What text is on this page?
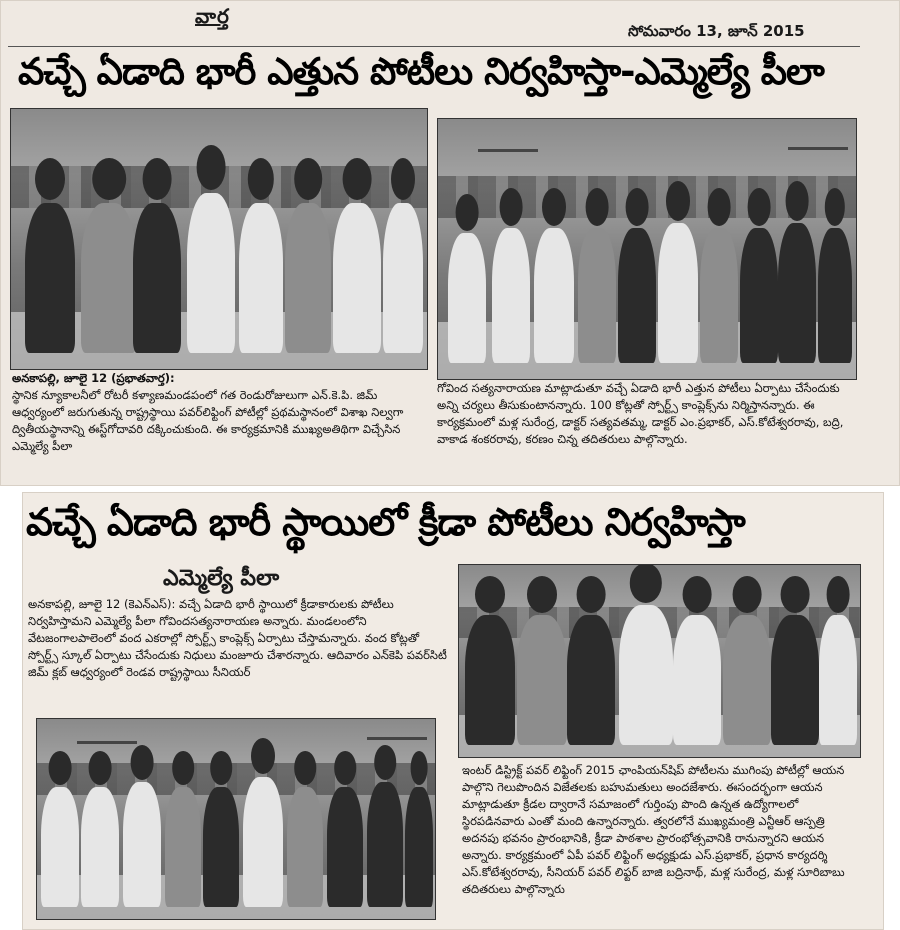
వార్త
సోమవారం 13, జూన్ 2015
వచ్చే ఏడాది భారీ ఎత్తున పోటీలు నిర్వహిస్తా-ఎమ్మెల్యే పీలా

అనకాపల్లి, జూలై 12 (ప్రభాతవార్త):

స్థానిక న్యూకాలనీలో రోటరీ కళ్యాణమండపంలో గత రెండురోజులుగా ఎన్.కె.పి. జిమ్ ఆధ్వర్యంలో జరుగుతున్న రాష్ట్రస్థాయి పవర్‌లిఫ్టింగ్ పోటీల్లో ప్రథమస్థానంలో విశాఖ నిల్వగా ద్వితీయస్థానాన్ని ఈస్ట్‌గోదావరి దక్కించుకుంది. ఈ కార్యక్రమానికి ముఖ్యఅతిథిగా విచ్చేసిన ఎమ్మెల్యే పీలా

గోవింద సత్యనారాయణ మాట్లాడుతూ వచ్చే ఏడాది భారీ ఎత్తున పోటీలు ఏర్పాటు చేసేందుకు అన్ని చర్యలు తీసుకుంటానన్నారు. 100 కోట్లతో స్పోర్ట్స్ కాంప్లెక్స్‌ను నిర్మిస్తానన్నారు. ఈ కార్యక్రమంలో మళ్ల సురేంద్ర, డాక్టర్ సత్యవతమ్మ, డాక్టర్ ఎం.ప్రభాకర్, ఎస్.కోటేశ్వరరావు, బద్రి, వాకాడ శంకరరావు, కరణం చిన్న తదితరులు పాల్గొన్నారు.

వచ్చే ఏడాది భారీ స్థాయిలో క్రీడా పోటీలు నిర్వహిస్తా
ఎమ్మెల్యే పీలా

అనకాపల్లి, జూలై 12 (కెఎన్ఎస్): వచ్చే ఏడాది భారీ స్థాయిలో క్రీడాకారులకు పోటీలు నిర్వహిస్తామని ఎమ్మెల్యే పీలా గోవిందసత్యనారాయణ అన్నారు. మండలంలోని వేటజంగాలపాలెంలో వంద ఎకరాల్లో స్పోర్ట్స్ కాంప్లెక్స్ ఏర్పాటు చేస్తామన్నారు. వంద కోట్లతో స్పోర్ట్స్ స్కూల్ ఏర్పాటు చేసేందుకు నిధులు మంజూరు చేశారన్నారు. ఆదివారం ఎన్‌కెపి పవర్‌సిటీ జిమ్ క్లబ్ ఆధ్వర్యంలో రెండవ రాష్ట్రస్థాయి సీనియర్

ఇంటర్ డిస్ట్రిక్ట్ పవర్ లిఫ్టింగ్ 2015 ఛాంపియన్‌షిప్ పోటీలను ముగింపు పోటీల్లో ఆయన పాల్గొని గెలుపొందిన విజేతలకు బహుమతులు అందజేశారు. ఈసందర్భంగా ఆయన మాట్లాడుతూ క్రీడల ద్వారానే సమాజంలో గుర్తింపు పొంది ఉన్నత ఉద్యోగాలలో స్థిరపడినవారు ఎంతో మంది ఉన్నారన్నారు. త్వరలోనే ముఖ్యమంత్రి ఎన్టీఆర్ ఆస్పత్రి అదనపు భవనం ప్రారంభానికి, క్రీడా పాఠశాల ప్రారంభోత్సవానికి రానున్నారని ఆయన అన్నారు. కార్యక్రమంలో ఏపీ పవర్ లిఫ్టింగ్ అధ్యక్షుడు ఎస్.ప్రభాకర్, ప్రధాన కార్యదర్శి ఎస్.కోటేశ్వరరావు, సీనియర్ పవర్ లిఫ్టర్ బాజి బద్రినాథ్, మళ్ల సురేంద్ర, మళ్ల సూరిబాబు తదితరులు పాల్గొన్నారు
